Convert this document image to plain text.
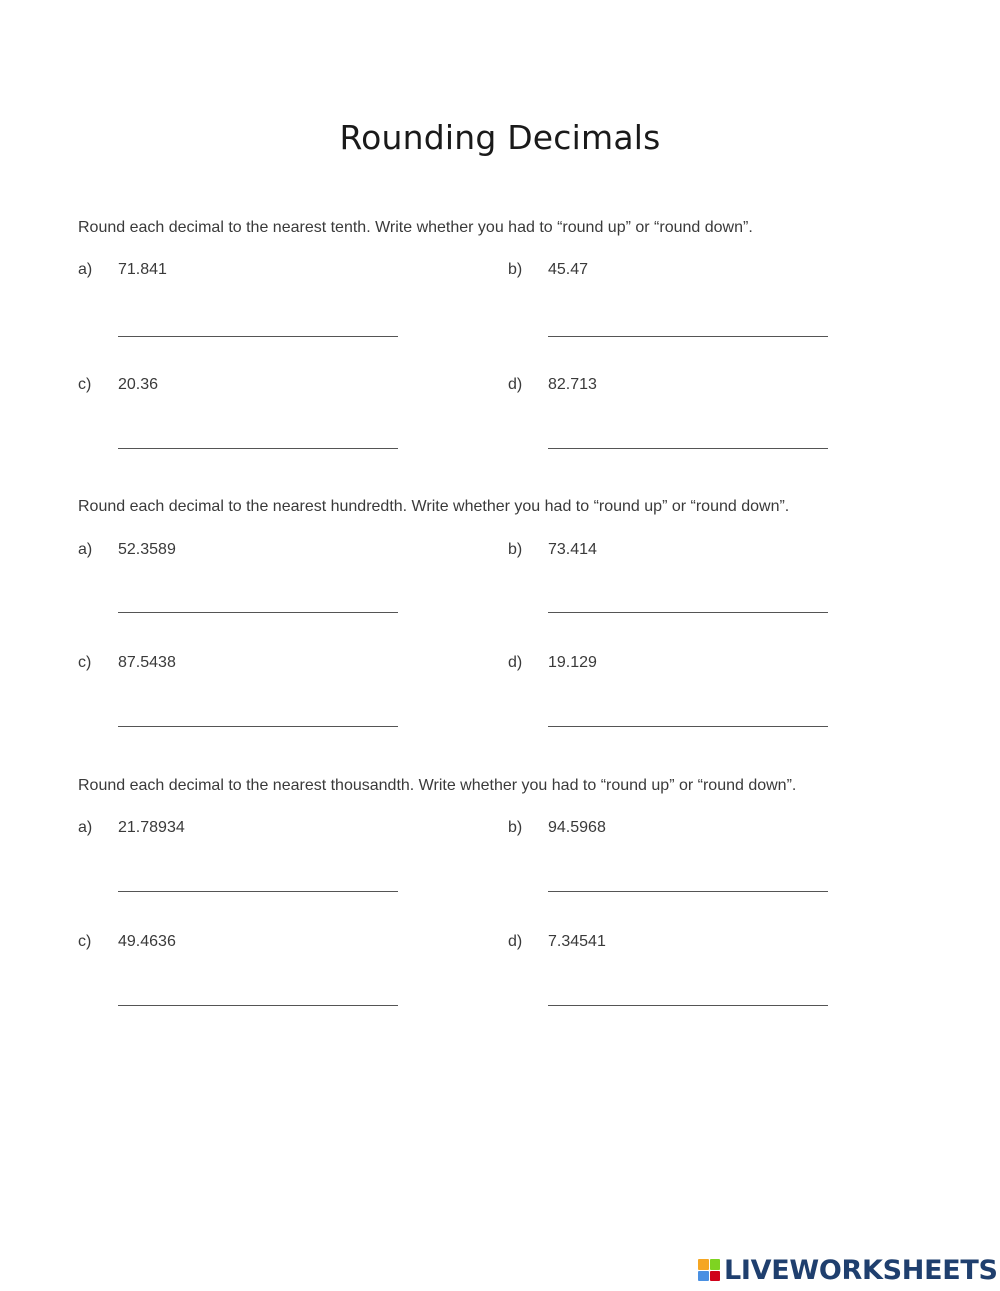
Rounding Decimals
Round each decimal to the nearest tenth. Write whether you had to “round up” or “round down”.
a) 71.841	b) 45.47
c) 20.36	d) 82.713
Round each decimal to the nearest hundredth. Write whether you had to “round up” or “round down”.
a) 52.3589	b) 73.414
c) 87.5438	d) 19.129
Round each decimal to the nearest thousandth. Write whether you had to “round up” or “round down”.
a) 21.78934	b) 94.5968
c) 49.4636	d) 7.34541
LIVEWORKSHEETS
